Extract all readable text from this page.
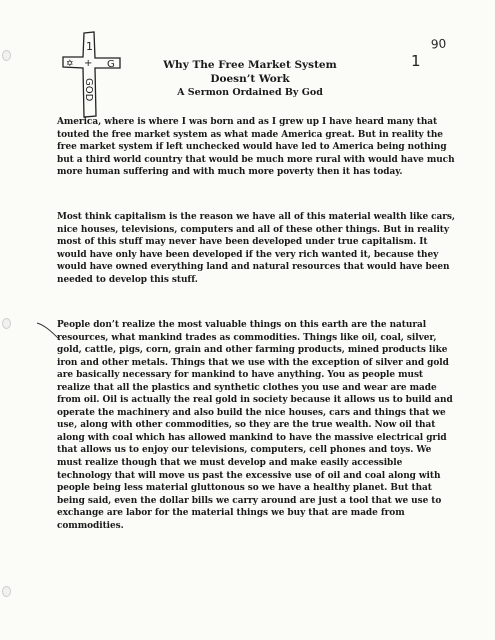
1
✡ + G
GOD
90
1
Why The Free Market System
Doesn’t Work
A Sermon Ordained By God

America, where is where I was born and as I grew up I have heard many that touted the free market system as what made America great. But in reality the free market system if left unchecked would have led to America being nothing but a third world country that would be much more rural with would have much more human suffering and with much more poverty then it has today.

Most think capitalism is the reason we have all of this material wealth like cars, nice houses, televisions, computers and all of these other things. But in reality most of this stuff may never have been developed under true capitalism. It would have only have been developed if the very rich wanted it, because they would have owned everything land and natural resources that would have been needed to develop this stuff.

People don’t realize the most valuable things on this earth are the natural resources, what mankind trades as commodities. Things like oil, coal, silver, gold, cattle, pigs, corn, grain and other farming products, mined products like iron and other metals. Things that we use with the exception of silver and gold are basically necessary for mankind to have anything. You as people must realize that all the plastics and synthetic clothes you use and wear are made from oil. Oil is actually the real gold in society because it allows us to build and operate the machinery and also build the nice houses, cars and things that we use, along with other commodities, so they are the true wealth. Now oil that along with coal which has allowed mankind to have the massive electrical grid that allows us to enjoy our televisions, computers, cell phones and toys. We must realize though that we must develop and make easily accessible technology that will move us past the excessive use of oil and coal along with people being less material gluttonous so we have a healthy planet. But that being said, even the dollar bills we carry around are just a tool that we use to exchange are labor for the material things we buy that are made from commodities.
